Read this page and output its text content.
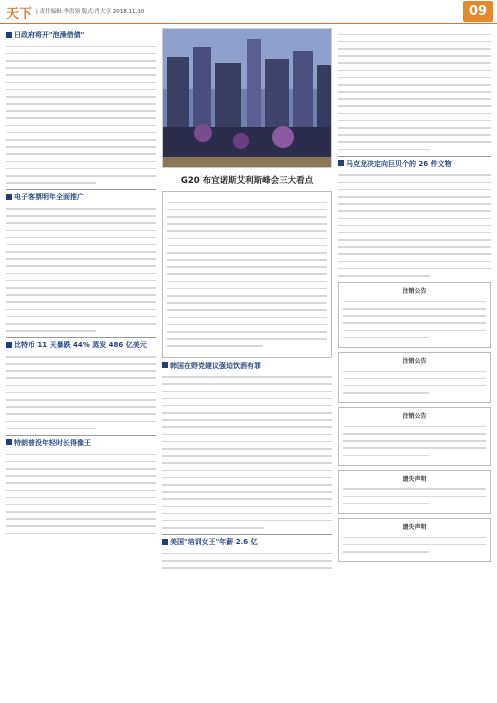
天下 | 责任编辑:李洪领 版式:肖大亨 2018.11.30	09
日政府将开"泡澡借债"
电子客票明年全面推广
比特币 11 天暴跌 44% 蒸发 486 亿美元
特朗普没年轻时长得像王
G20 布宜诺斯艾利斯峰会三大看点
韩国在野党建议强迫饮酒有罪
美国"培训女王"年薪 2.6 亿
马克龙决定向巨贝个的 26 件文物
注销公告
注销公告
注销公告
遗失声明
遗失声明
